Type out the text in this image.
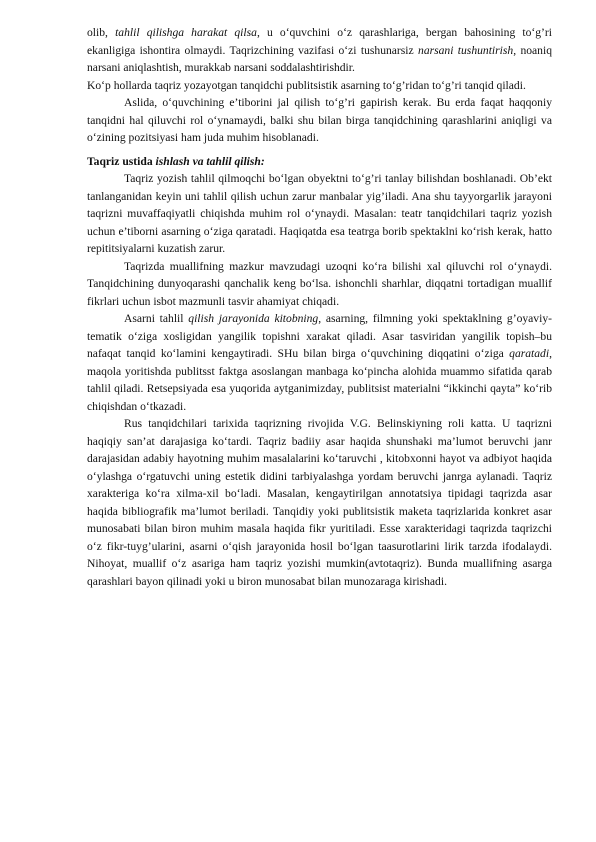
olib, tahlil qilishga harakat qilsa, u o‘quvchini o‘z qarashlariga, bergan bahosining to‘g’ri ekanligiga ishontira olmaydi. Taqrizchining vazifasi o‘zi tushunarsiz narsani tushuntirish, noaniq narsani aniqlashtish, murakkab narsani soddalashtirishdir.

Ko‘p hollarda taqriz yozayotgan tanqidchi publitsistik asarning to‘g’ridan to‘g’ri tanqid qiladi.

Aslida, o‘quvchining e’tiborini jal qilish to‘g’ri gapirish kerak. Bu erda faqat haqqoniy tanqidni hal qiluvchi rol o‘ynamaydi, balki shu bilan birga tanqidchining qarashlarini aniqligi va o‘zining pozitsiyasi ham juda muhim hisoblanadi.

Taqriz ustida ishlash va tahlil qilish:

Taqriz yozish tahlil qilmoqchi bo‘lgan obyektni to‘g’ri tanlay bilishdan boshlanadi. Ob’ekt tanlanganidan keyin uni tahlil qilish uchun zarur manbalar yig’iladi. Ana shu tayyorgarlik jarayoni taqrizni muvaffaqiyatli chiqishda muhim rol o‘ynaydi. Masalan: teatr tanqidchilari taqriz yozish uchun e’tiborni asarning o‘ziga qaratadi. Haqiqatda esa teatrga borib spektaklni ko‘rish kerak, hatto repititsiyalarni kuzatish zarur.

Taqrizda muallifning mazkur mavzudagi uzoqni ko‘ra bilishi xal qiluvchi rol o‘ynaydi. Tanqidchining dunyoqarashi qanchalik keng bo‘lsa. ishonchli sharhlar, diqqatni tortadigan muallif fikrlari uchun isbot mazmunli tasvir ahamiyat chiqadi.

Asarni tahlil qilish jarayonida kitobning, asarning, filmning yoki spektaklning g’oyaviy-tematik o‘ziga xosligidan yangilik topishni xarakat qiladi. Asar tasviridan yangilik topish–bu nafaqat tanqid ko‘lamini kengaytiradi. SHu bilan birga o‘quvchining diqqatini o‘ziga qaratadi, maqola yoritishda publitsst faktga asoslangan manbaga ko‘pincha alohida muammo sifatida qarab tahlil qiladi. Retsepsiyada esa yuqorida aytganimizday, publitsist materialni “ikkinchi qayta” ko‘rib chiqishdan o‘tkazadi.

Rus tanqidchilari tarixida taqrizning rivojida V.G. Belinskiyning roli katta. U taqrizni haqiqiy san’at darajasiga ko‘tardi. Taqriz badiiy asar haqida shunshaki ma’lumot beruvchi janr darajasidan adabiy hayotning muhim masalalarini ko‘taruvchi , kitobxonni hayot va adbiyot haqida o‘ylashga o‘rgatuvchi uning estetik didini tarbiyalashga yordam beruvchi janrga aylanadi. Taqriz xarakteriga ko‘ra xilma-xil bo‘ladi. Masalan, kengaytirilgan annotatsiya tipidagi taqrizda asar haqida bibliografik ma’lumot beriladi. Tanqidiy yoki publitsistik maketa taqrizlarida konkret asar munosabati bilan biron muhim masala haqida fikr yuritiladi. Esse xarakteridagi taqrizda taqrizchi o‘z fikr-tuyg’ularini, asarni o‘qish jarayonida hosil bo‘lgan taasurotlarini lirik tarzda ifodalaydi. Nihoyat, muallif o‘z asariga ham taqriz yozishi mumkin(avtotaqriz). Bunda muallifning asarga qarashlari bayon qilinadi yoki u biron munosabat bilan munozaraga kirishadi.
